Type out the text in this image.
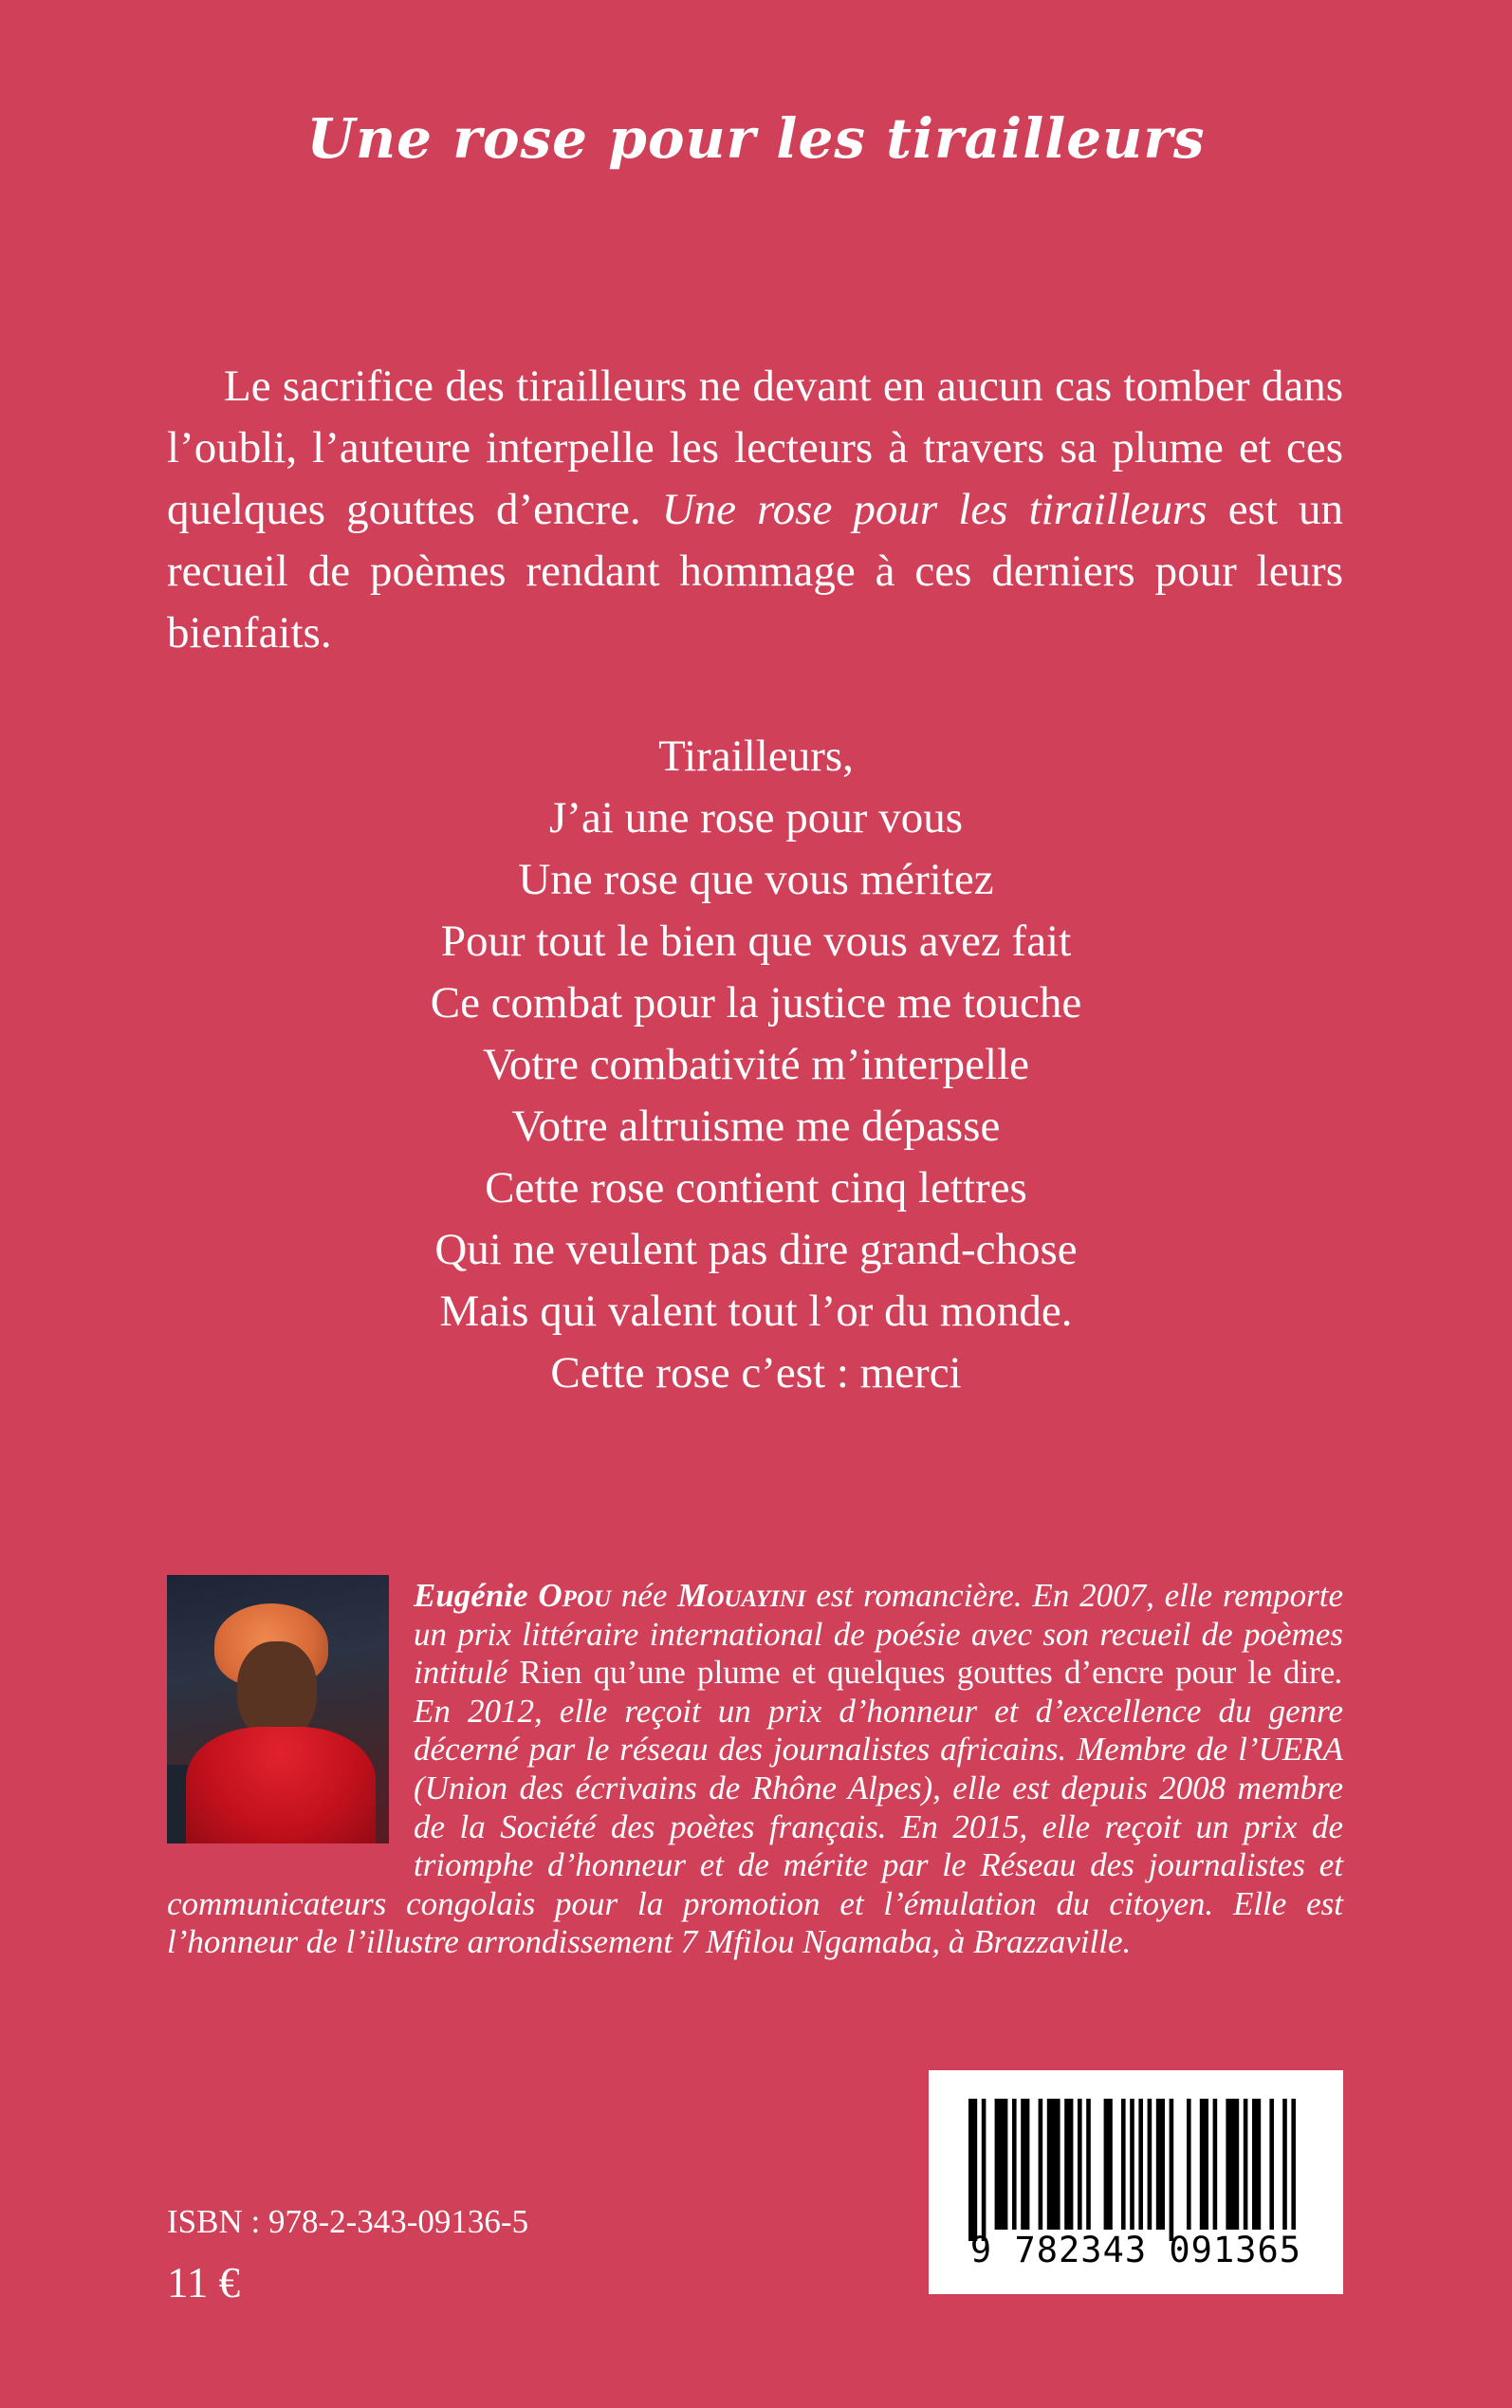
Une rose pour les tirailleurs

Le sacrifice des tirailleurs ne devant en aucun cas tomber dans l’oubli, l’auteure interpelle les lecteurs à travers sa plume et ces quelques gouttes d’encre. Une rose pour les tirailleurs est un recueil de poèmes rendant hommage à ces derniers pour leurs bienfaits.

Tirailleurs,
J’ai une rose pour vous
Une rose que vous méritez
Pour tout le bien que vous avez fait
Ce combat pour la justice me touche
Votre combativité m’interpelle
Votre altruisme me dépasse
Cette rose contient cinq lettres
Qui ne veulent pas dire grand-chose
Mais qui valent tout l’or du monde.
Cette rose c’est : merci

Eugénie Opou née Mouayini est romancière. En 2007, elle remporte un prix littéraire international de poésie avec son recueil de poèmes intitulé Rien qu’une plume et quelques gouttes d’encre pour le dire. En 2012, elle reçoit un prix d’honneur et d’excellence du genre décerné par le réseau des journalistes africains. Membre de l’UERA (Union des écrivains de Rhône Alpes), elle est depuis 2008 membre de la Société des poètes français. En 2015, elle reçoit un prix de triomphe d’honneur et de mérite par le Réseau des journalistes et communicateurs congolais pour la promotion et l’émulation du citoyen. Elle est l’honneur de l’illustre arrondissement 7 Mfilou Ngamaba, à Brazzaville.

9 782343 091365
ISBN : 978-2-343-09136-5
11 €
